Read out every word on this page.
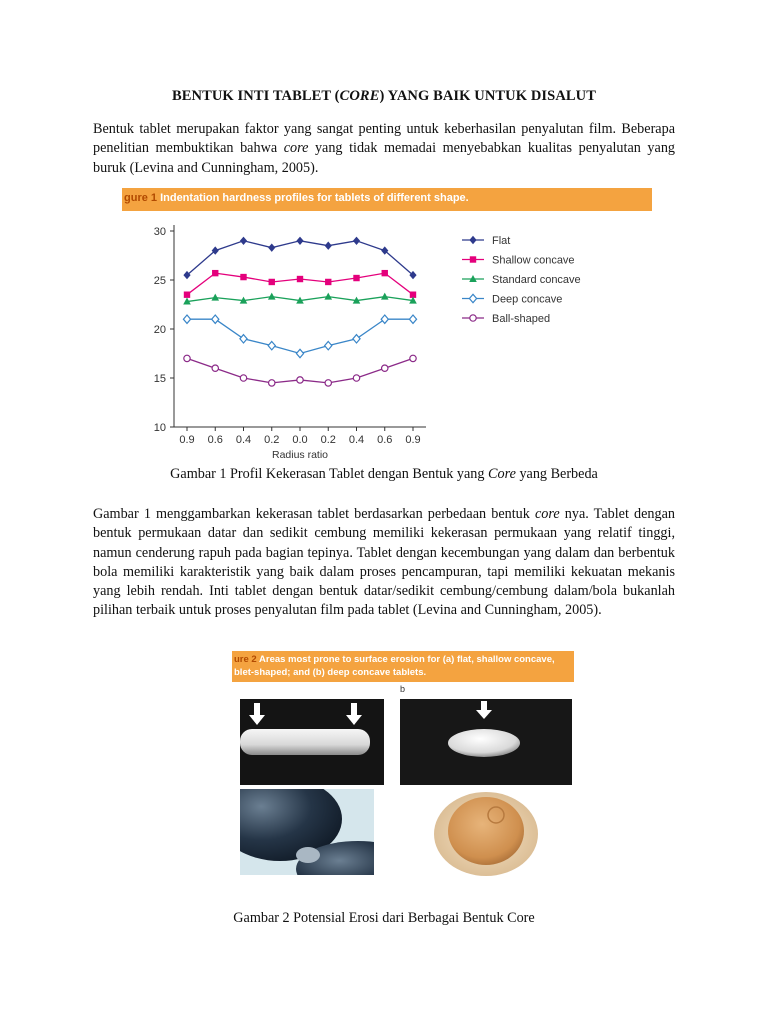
BENTUK INTI TABLET (CORE) YANG BAIK UNTUK DISALUT
Bentuk tablet merupakan faktor yang sangat penting untuk keberhasilan penyalutan film. Beberapa penelitian membuktikan bahwa core yang tidak memadai menyebabkan kualitas penyalutan yang buruk (Levina and Cunningham, 2005).
gure 1 Indentation hardness profiles for tablets of different shape.
10
15
20
25
30
0.9 0.6 0.4 0.2 0.0 0.2 0.4 0.6 0.9
Radius ratio
Flat
Shallow concave
Standard concave
Deep concave
Ball-shaped
Gambar 1 Profil Kekerasan Tablet dengan Bentuk yang Core yang Berbeda
Gambar 1 menggambarkan kekerasan tablet berdasarkan perbedaan bentuk core nya. Tablet dengan bentuk permukaan datar dan sedikit cembung memiliki kekerasan permukaan yang relatif tinggi, namun cenderung rapuh pada bagian tepinya. Tablet dengan kecembungan yang dalam dan berbentuk bola memiliki karakteristik yang baik dalam proses pencampuran, tapi memiliki kekuatan mekanis yang lebih rendah. Inti tablet dengan bentuk datar/sedikit cembung/cembung dalam/bola bukanlah pilihan terbaik untuk proses penyalutan film pada tablet (Levina and Cunningham, 2005).
ure 2 Areas most prone to surface erosion for (a) flat, shallow concave,
blet-shaped; and (b) deep concave tablets.
b
Gambar 2 Potensial Erosi dari Berbagai Bentuk Core
